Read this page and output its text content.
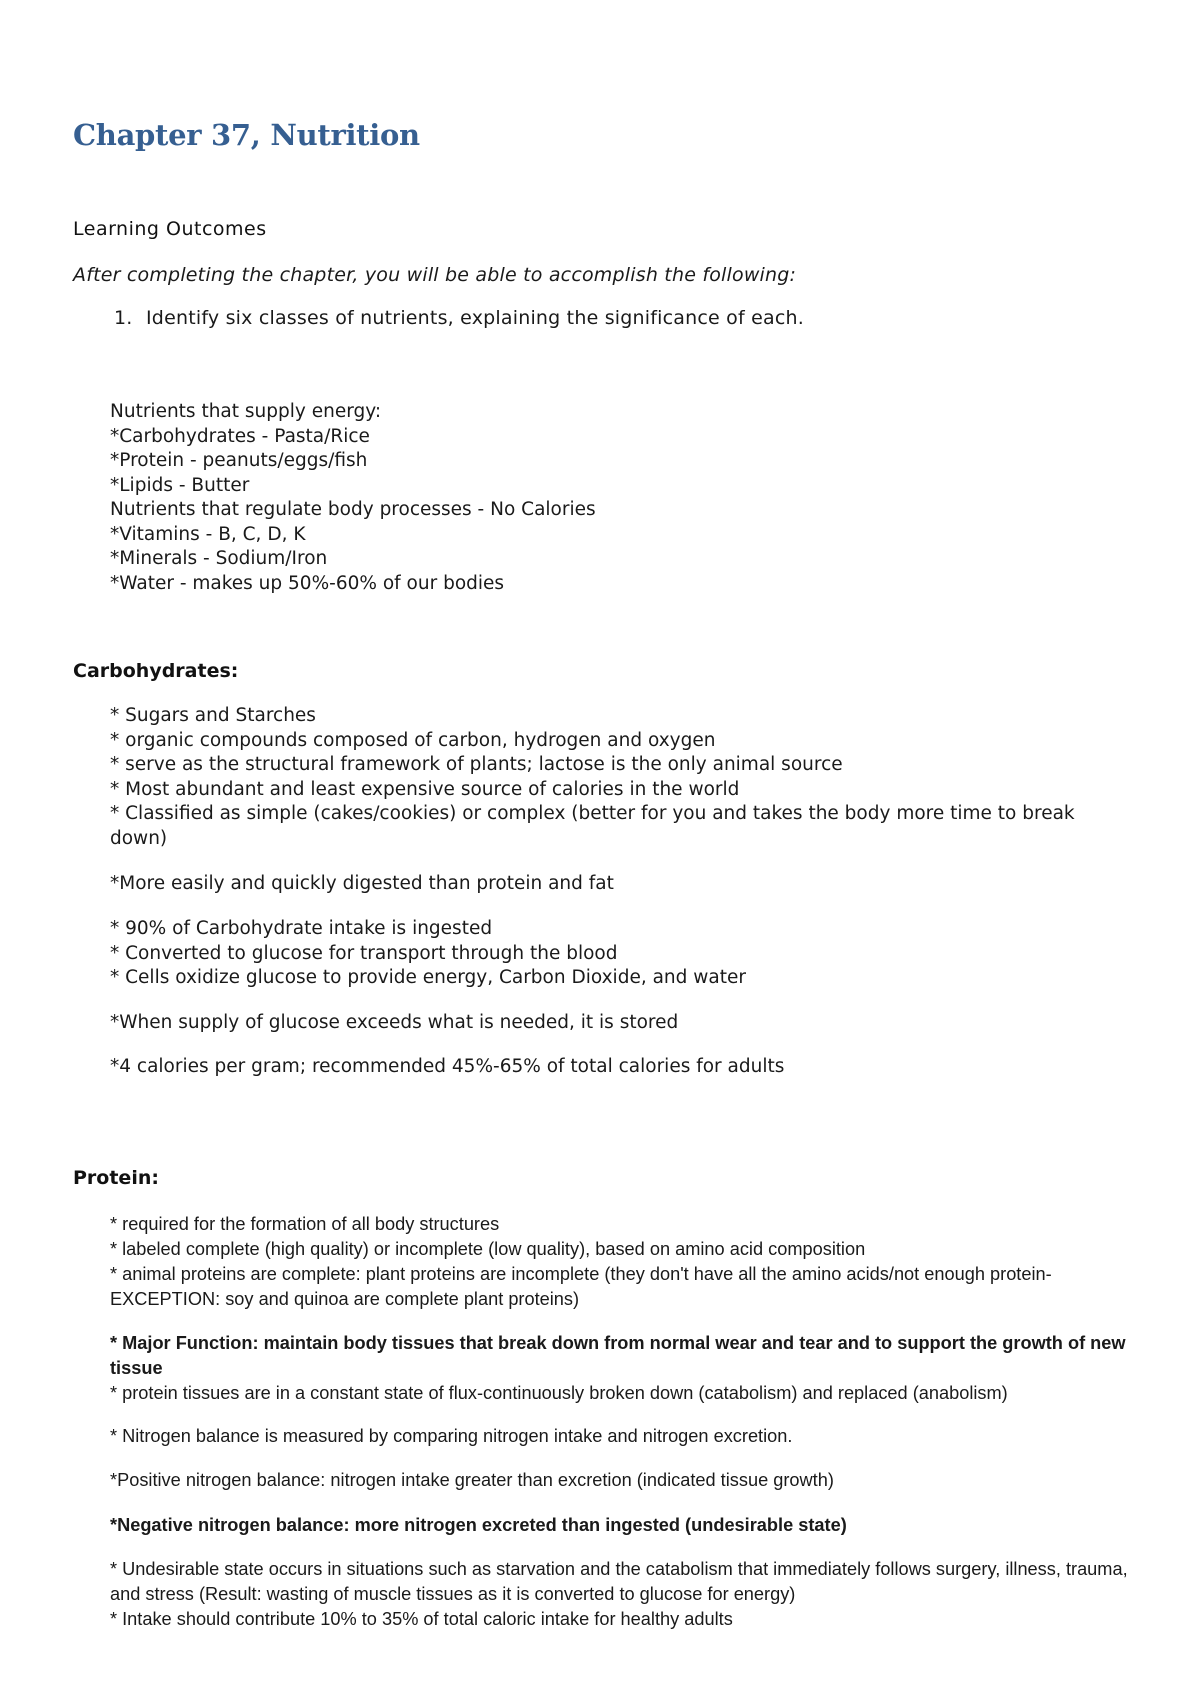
Chapter 37, Nutrition
Learning Outcomes

After completing the chapter, you will be able to accomplish the following:

1. Identify six classes of nutrients, explaining the significance of each.
Nutrients that supply energy:
*Carbohydrates - Pasta/Rice
*Protein - peanuts/eggs/fish
*Lipids - Butter
Nutrients that regulate body processes - No Calories
*Vitamins - B, C, D, K
*Minerals - Sodium/Iron
*Water - makes up 50%-60% of our bodies
Carbohydrates:
* Sugars and Starches
* organic compounds composed of carbon, hydrogen and oxygen
* serve as the structural framework of plants; lactose is the only animal source
* Most abundant and least expensive source of calories in the world
* Classified as simple (cakes/cookies) or complex (better for you and takes the body more time to break down)

*More easily and quickly digested than protein and fat

* 90% of Carbohydrate intake is ingested
* Converted to glucose for transport through the blood
* Cells oxidize glucose to provide energy, Carbon Dioxide, and water

*When supply of glucose exceeds what is needed, it is stored

*4 calories per gram; recommended 45%-65% of total calories for adults

Protein:
* required for the formation of all body structures
* labeled complete (high quality) or incomplete (low quality), based on amino acid composition
* animal proteins are complete: plant proteins are incomplete (they don't have all the amino acids/not enough protein- EXCEPTION: soy and quinoa are complete plant proteins)
* Major Function: maintain body tissues that break down from normal wear and tear and to support the growth of new tissue
* protein tissues are in a constant state of flux-continuously broken down (catabolism) and replaced (anabolism)

* Nitrogen balance is measured by comparing nitrogen intake and nitrogen excretion.

*Positive nitrogen balance: nitrogen intake greater than excretion (indicated tissue growth)

*Negative nitrogen balance: more nitrogen excreted than ingested (undesirable state)

* Undesirable state occurs in situations such as starvation and the catabolism that immediately follows surgery, illness, trauma, and stress (Result: wasting of muscle tissues as it is converted to glucose for energy)
* Intake should contribute 10% to 35% of total caloric intake for healthy adults
